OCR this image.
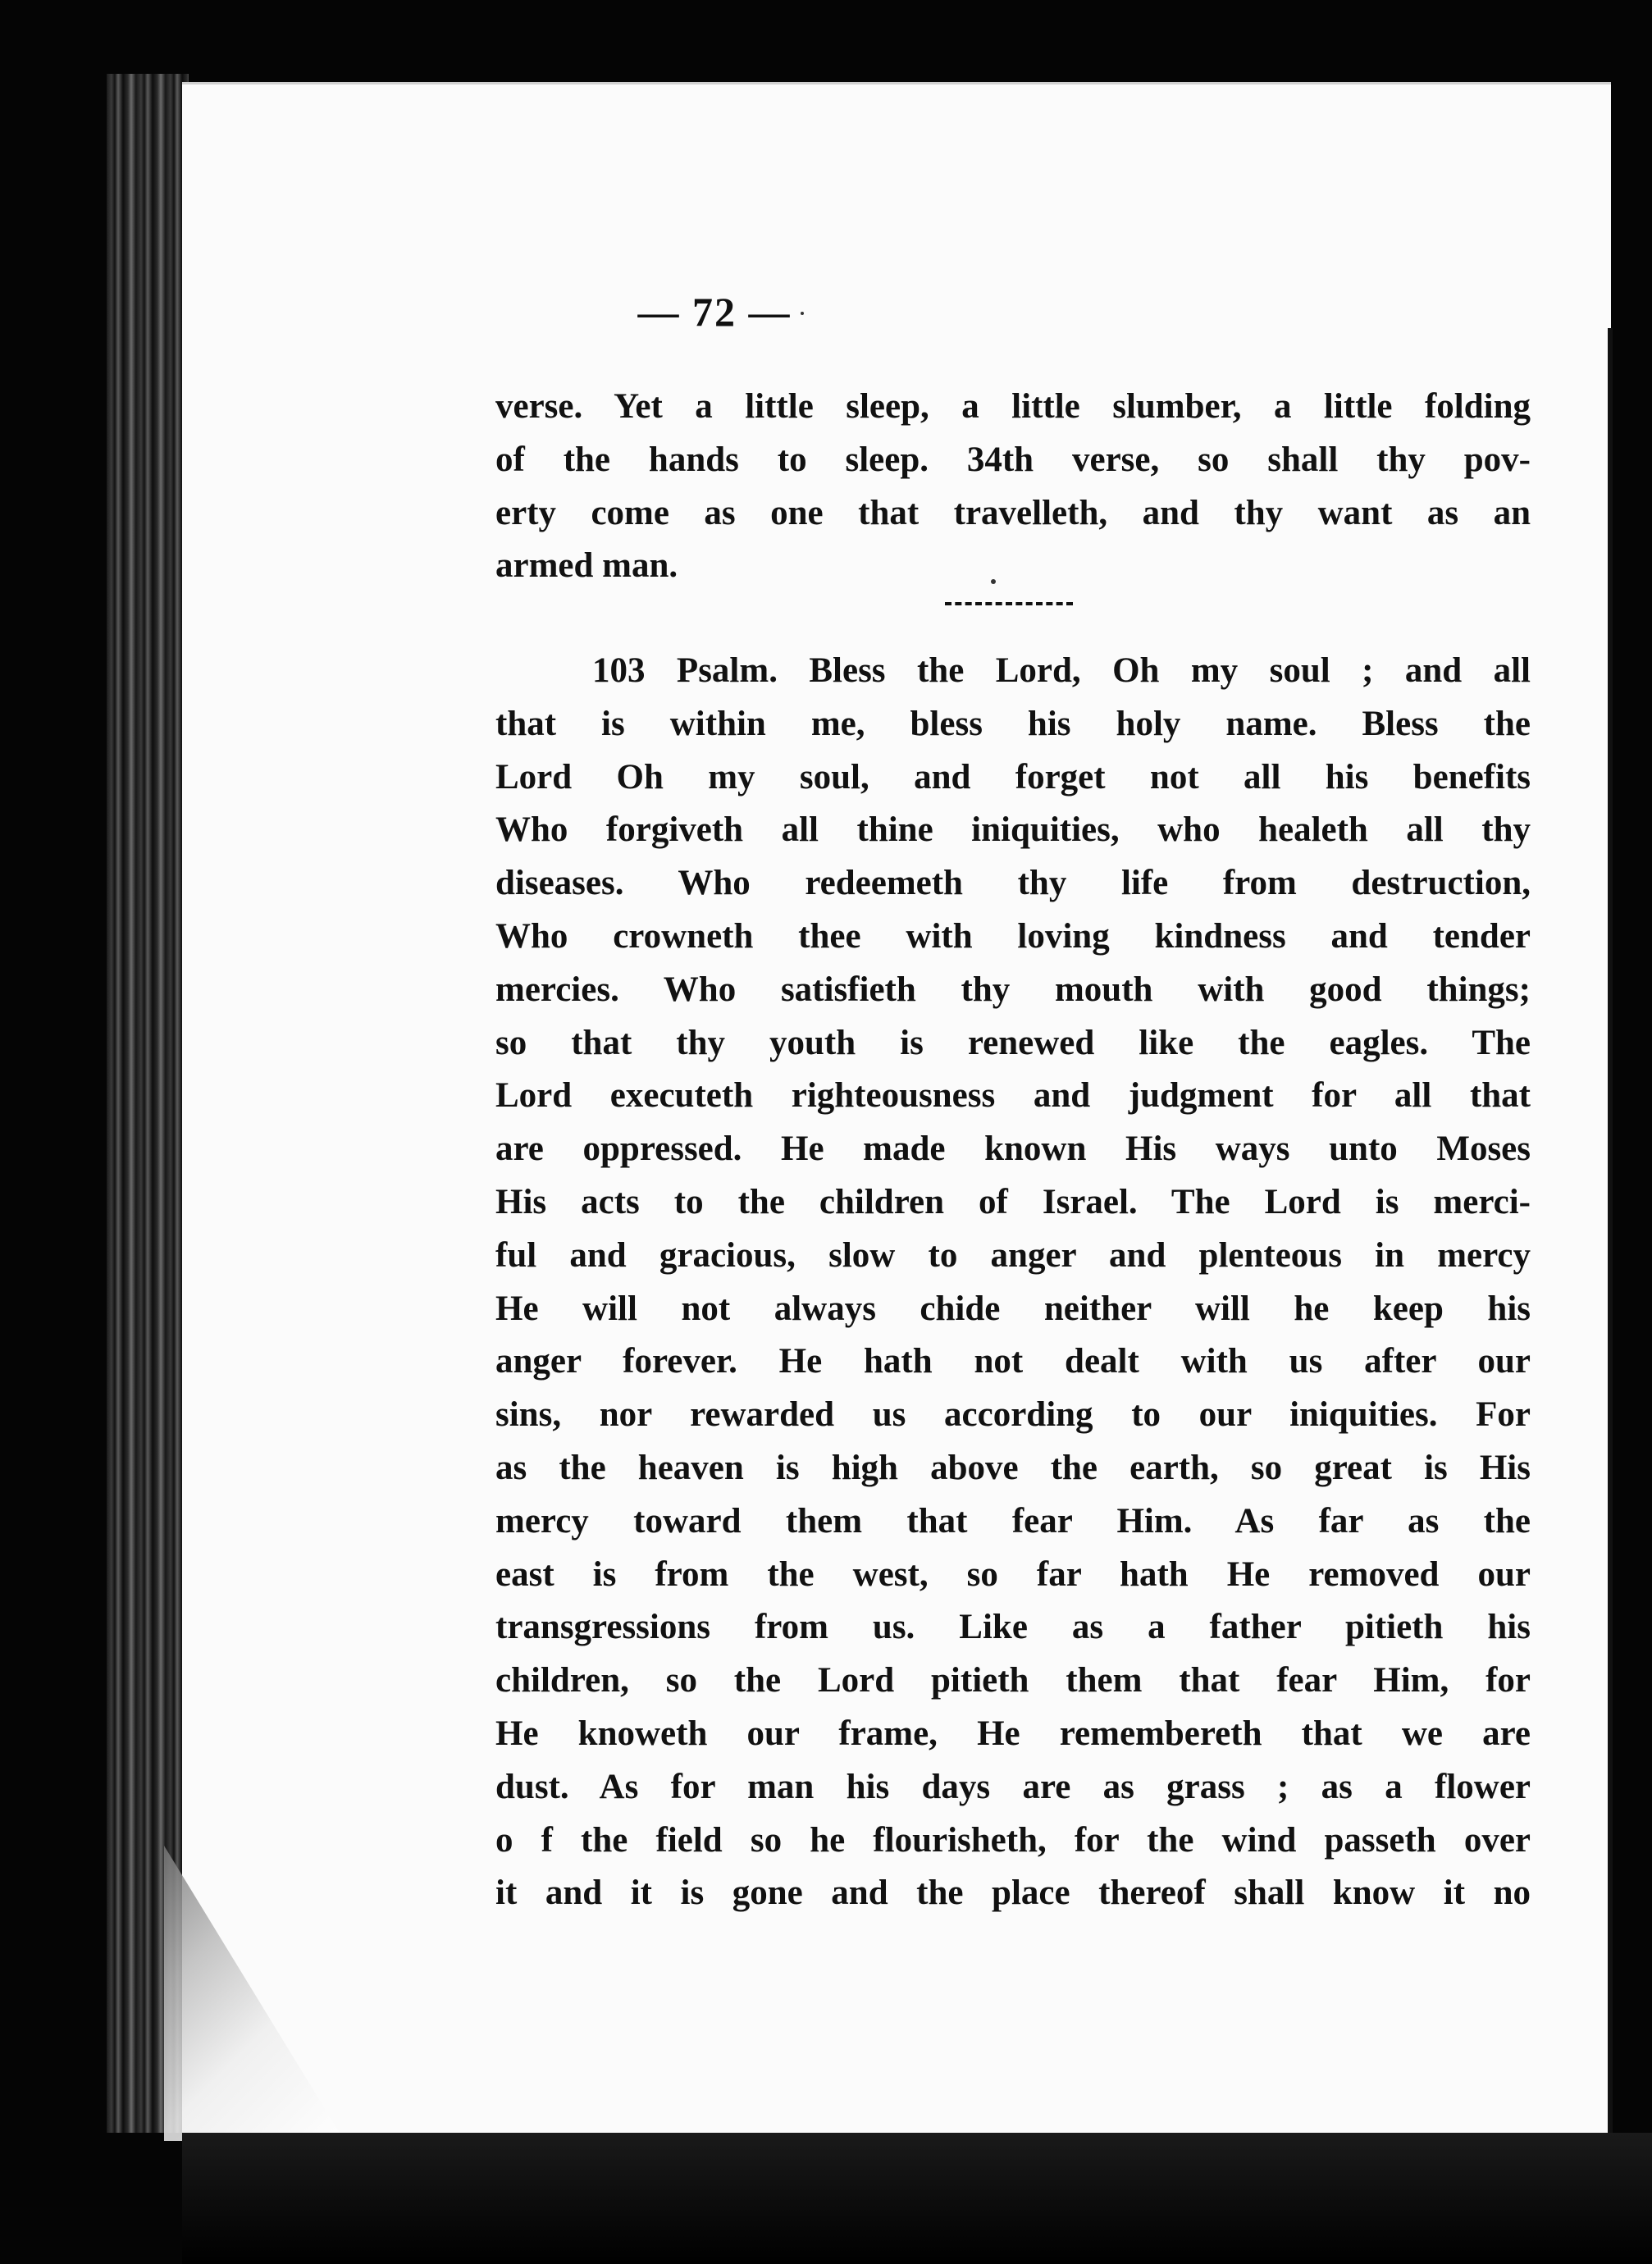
— 72 —
verse. Yet a little sleep, a little slumber, a little folding
of the hands to sleep. 34th verse, so shall thy pov-
erty come as one that travelleth, and thy want as an
armed man.
103 Psalm. Bless the Lord, Oh my soul ; and all
that is within me, bless his holy name. Bless the
Lord Oh my soul, and forget not all his benefits
Who forgiveth all thine iniquities, who healeth all thy
diseases. Who redeemeth thy life from destruction,
Who crowneth thee with loving kindness and tender
mercies. Who satisfieth thy mouth with good things;
so that thy youth is renewed like the eagles. The
Lord executeth righteousness and judgment for all that
are oppressed. He made known His ways unto Moses
His acts to the children of Israel. The Lord is merci-
ful and gracious, slow to anger and plenteous in mercy
He will not always chide neither will he keep his
anger forever. He hath not dealt with us after our
sins, nor rewarded us according to our iniquities. For
as the heaven is high above the earth, so great is His
mercy toward them that fear Him. As far as the
east is from the west, so far hath He removed our
transgressions from us. Like as a father pitieth his
children, so the Lord pitieth them that fear Him, for
He knoweth our frame, He remembereth that we are
dust. As for man his days are as grass ; as a flower
o f the field so he flourisheth, for the wind passeth over
it and it is gone and the place thereof shall know it no
